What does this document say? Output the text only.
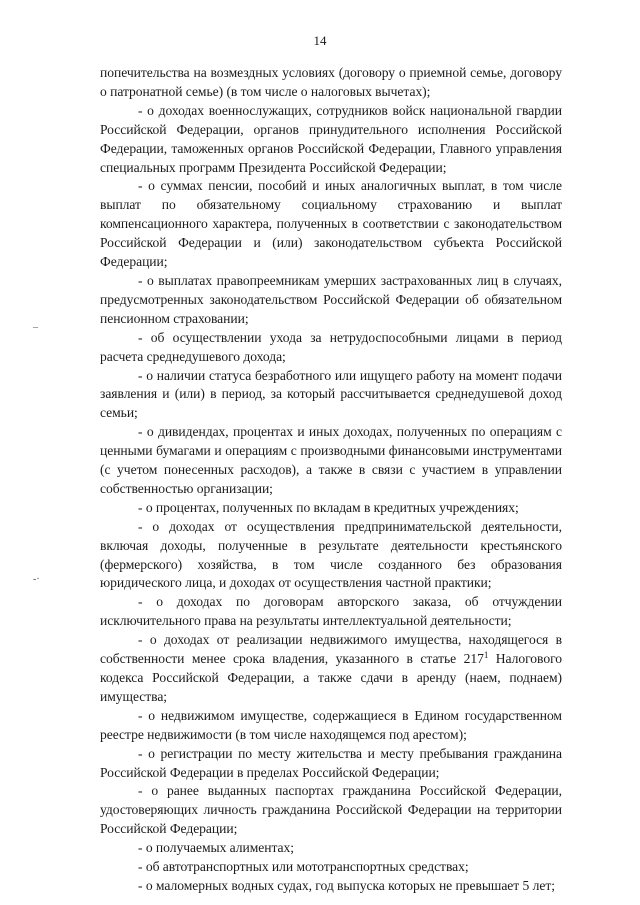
14
–
-·

попечительства на возмездных условиях (договору о приемной семье, договору о патронатной семье) (в том числе о налоговых вычетах);

- о доходах военнослужащих, сотрудников войск национальной гвардии Российской Федерации, органов принудительного исполнения Российской Федерации, таможенных органов Российской Федерации, Главного управления специальных программ Президента Российской Федерации;

- о суммах пенсии, пособий и иных аналогичных выплат, в том числе выплат по обязательному социальному страхованию и выплат компенсационного характера, полученных в соответствии с законодательством Российской Федерации и (или) законодательством субъекта Российской Федерации;

- о выплатах правопреемникам умерших застрахованных лиц в случаях, предусмотренных законодательством Российской Федерации об обязательном пенсионном страховании;

- об осуществлении ухода за нетрудоспособными лицами в период расчета среднедушевого дохода;

- о наличии статуса безработного или ищущего работу на момент подачи заявления и (или) в период, за который рассчитывается среднедушевой доход семьи;

- о дивидендах, процентах и иных доходах, полученных по операциям с ценными бумагами и операциям с производными финансовыми инструментами (с учетом понесенных расходов), а также в связи с участием в управлении собственностью организации;

- о процентах, полученных по вкладам в кредитных учреждениях;

- о доходах от осуществления предпринимательской деятельности, включая доходы, полученные в результате деятельности крестьянского (фермерского) хозяйства, в том числе созданного без образования юридического лица, и доходах от осуществления частной практики;

- о доходах по договорам авторского заказа, об отчуждении исключительного права на результаты интеллектуальной деятельности;

- о доходах от реализации недвижимого имущества, находящегося в собственности менее срока владения, указанного в статье $217^1$ Налогового кодекса Российской Федерации, а также сдачи в аренду (наем, поднаем) имущества;

- о недвижимом имуществе, содержащиеся в Едином государственном реестре недвижимости (в том числе находящемся под арестом);

- о регистрации по месту жительства и месту пребывания гражданина Российской Федерации в пределах Российской Федерации;

- о ранее выданных паспортах гражданина Российской Федерации, удостоверяющих личность гражданина Российской Федерации на территории Российской Федерации;

- о получаемых алиментах;

- об автотранспортных или мототранспортных средствах;

- о маломерных водных судах, год выпуска которых не превышает 5 лет;
